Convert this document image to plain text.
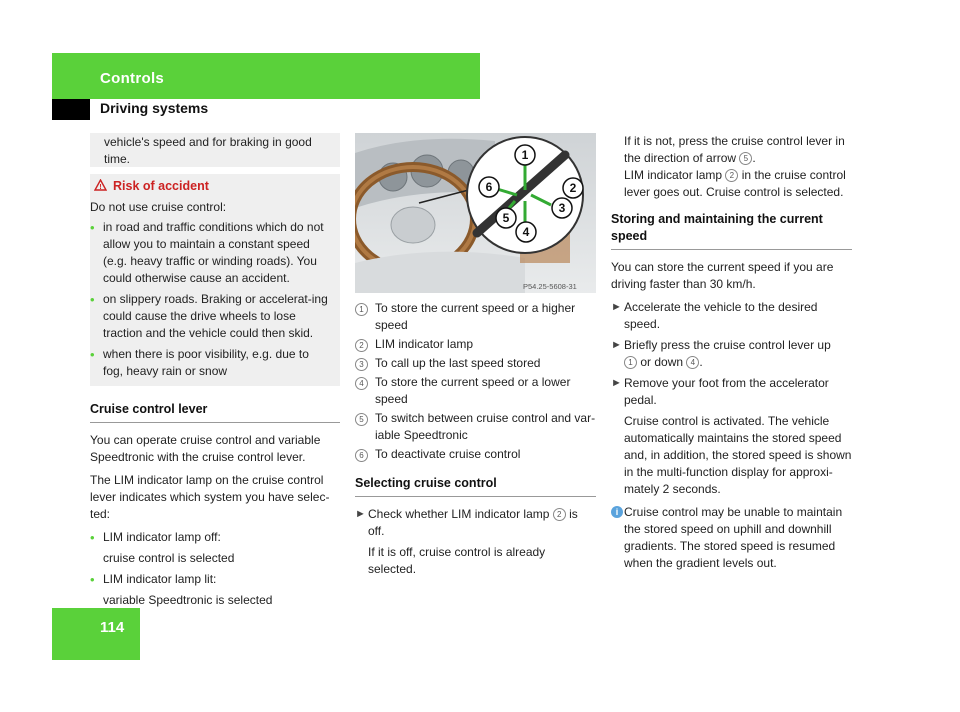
Controls
Driving systems
vehicle's speed and for braking in good time.
! Risk of accident

Do not use cruise control:

• in road and traffic conditions which do not allow you to maintain a constant speed (e.g. heavy traffic or winding roads). You could otherwise cause an accident.
• on slippery roads. Braking or accelerat-ing could cause the drive wheels to lose traction and the vehicle could then skid.
• when there is poor visibility, e.g. due to fog, heavy rain or snow
Cruise control lever

You can operate cruise control and variable Speedtronic with the cruise control lever.

The LIM indicator lamp on the cruise control lever indicates which system you have selec-ted:

• LIM indicator lamp off:
cruise control is selected
• LIM indicator lamp lit:
variable Speedtronic is selected
1
2
3
4
5
6
P54.25-5608-31
1 To store the current speed or a higher speed
2 LIM indicator lamp
3 To call up the last speed stored
4 To store the current speed or a lower speed
5 To switch between cruise control and var-iable Speedtronic
6 To deactivate cruise control
Selecting cruise control
► Check whether LIM indicator lamp 2 is off.
If it is off, cruise control is already selected.
If it is not, press the cruise control lever in the direction of arrow 5 .
LIM indicator lamp 2 in the cruise control lever goes out. Cruise control is selected.
Storing and maintaining the current speed

You can store the current speed if you are driving faster than 30 km/h.

► Accelerate the vehicle to the desired speed.
► Briefly press the cruise control lever up
1 or down 4 .
► Remove your foot from the accelerator pedal.
Cruise control is activated. The vehicle automatically maintains the stored speed and, in addition, the stored speed is shown in the multi-function display for approxi-mately 2 seconds.
i Cruise control may be unable to maintain the stored speed on uphill and downhill gradients. The stored speed is resumed when the gradient levels out.
114
